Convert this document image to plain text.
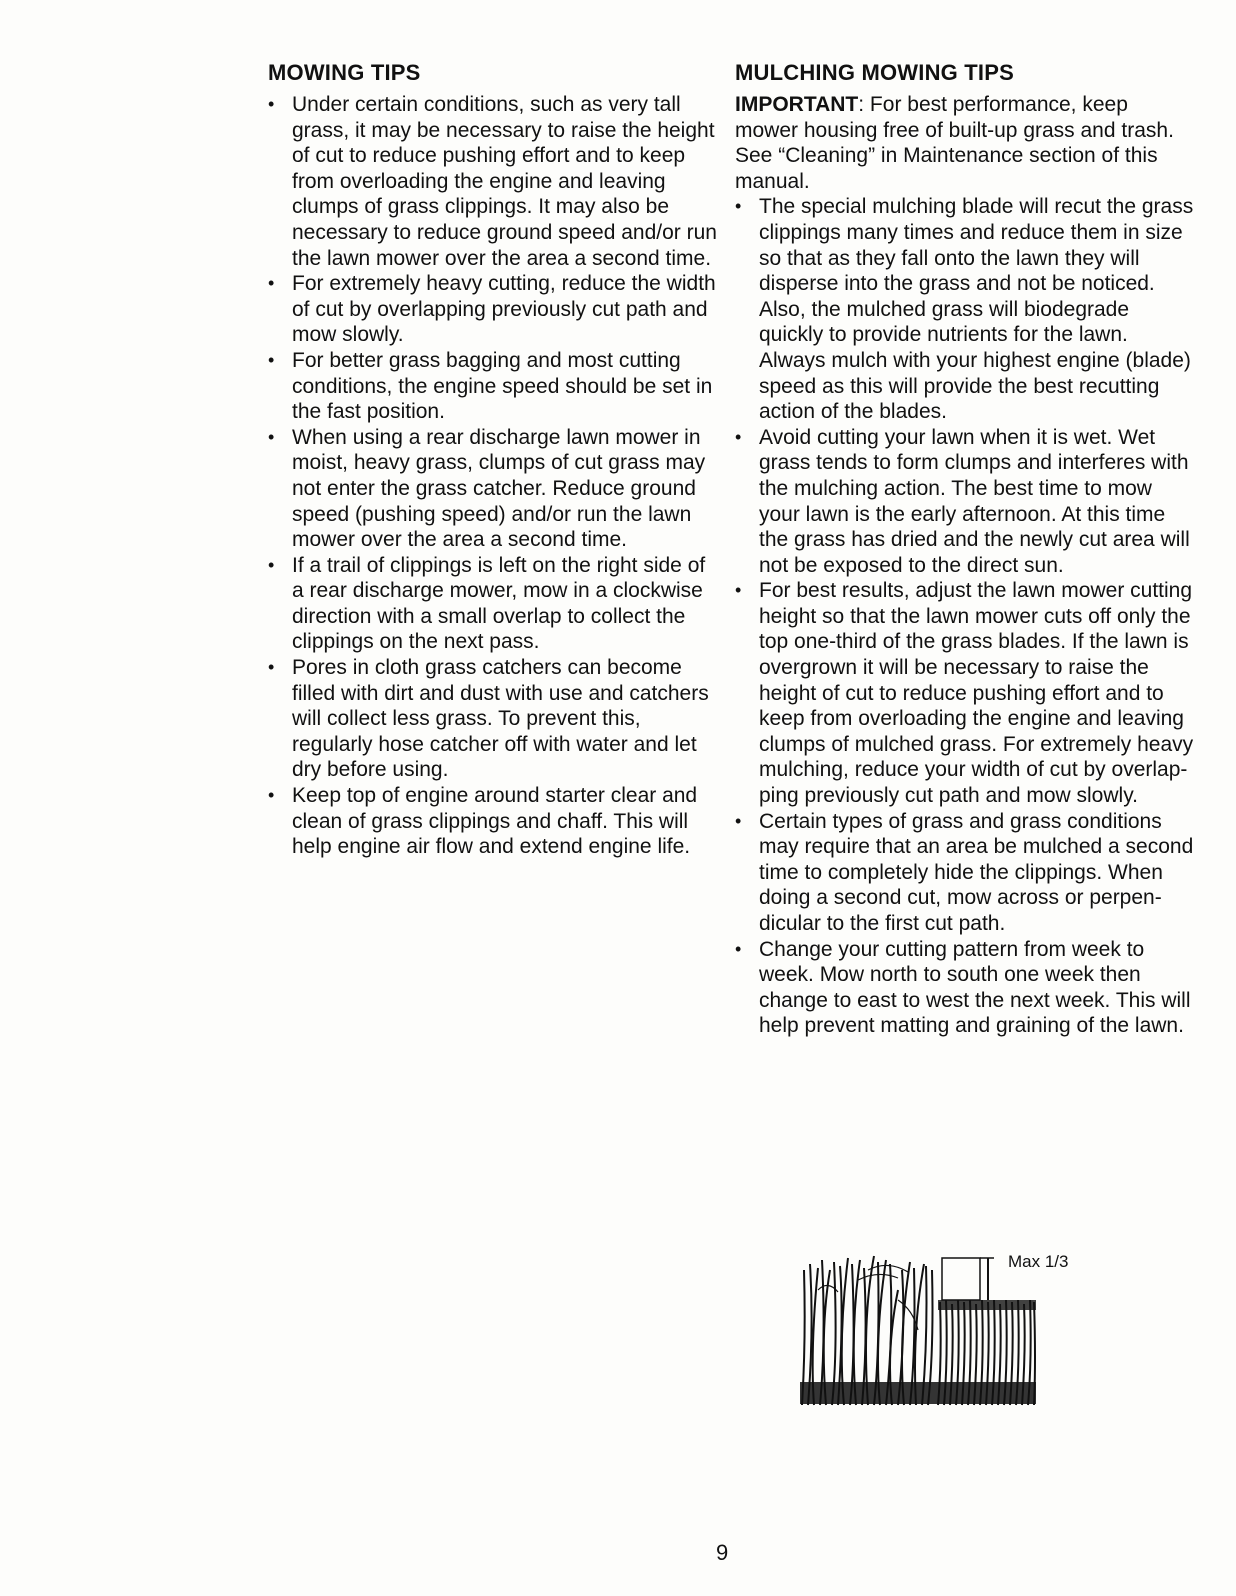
MOWING TIPS
• Under certain conditions, such as very tall grass, it may be necessary to raise the height of cut to reduce pushing effort and to keep from overloading the engine and leaving clumps of grass clippings. It may also be necessary to reduce ground speed and/or run the lawn mower over the area a second time.
• For extremely heavy cutting, reduce the width of cut by overlapping previously cut path and mow slowly.
• For better grass bagging and most cutting conditions, the engine speed should be set in the fast position.
• When using a rear discharge lawn mower in moist, heavy grass, clumps of cut grass may not enter the grass catcher. Reduce ground speed (pushing speed) and/or run the lawn mower over the area a second time.
• If a trail of clippings is left on the right side of a rear discharge mower, mow in a clockwise direction with a small overlap to collect the clippings on the next pass.
• Pores in cloth grass catchers can become filled with dirt and dust with use and catchers will collect less grass. To prevent this, regularly hose catcher off with water and let dry before using.
• Keep top of engine around starter clear and clean of grass clippings and chaff. This will help engine air flow and extend engine life.
MULCHING MOWING TIPS

IMPORTANT: For best performance, keep mower housing free of built-up grass and trash. See “Cleaning” in Maintenance section of this manual.

• The special mulching blade will recut the grass clippings many times and reduce them in size so that as they fall onto the lawn they will disperse into the grass and not be noticed. Also, the mulched grass will biodegrade quickly to provide nutrients for the lawn. Always mulch with your highest engine (blade) speed as this will provide the best recutting action of the blades.
• Avoid cutting your lawn when it is wet. Wet grass tends to form clumps and interferes with the mulching action. The best time to mow your lawn is the early afternoon. At this time the grass has dried and the newly cut area will not be exposed to the direct sun.
• For best results, adjust the lawn mower cutting height so that the lawn mower cuts off only the top one-third of the grass blades. If the lawn is overgrown it will be necessary to raise the height of cut to reduce pushing effort and to keep from overloading the engine and leaving clumps of mulched grass. For extremely heavy mulching, reduce your width of cut by overlap-ping previously cut path and mow slowly.
• Certain types of grass and grass conditions may require that an area be mulched a second time to completely hide the clippings. When doing a second cut, mow across or perpen-dicular to the first cut path.
• Change your cutting pattern from week to week. Mow north to south one week then change to east to west the next week. This will help prevent matting and graining of the lawn.
Max 1/3
9
